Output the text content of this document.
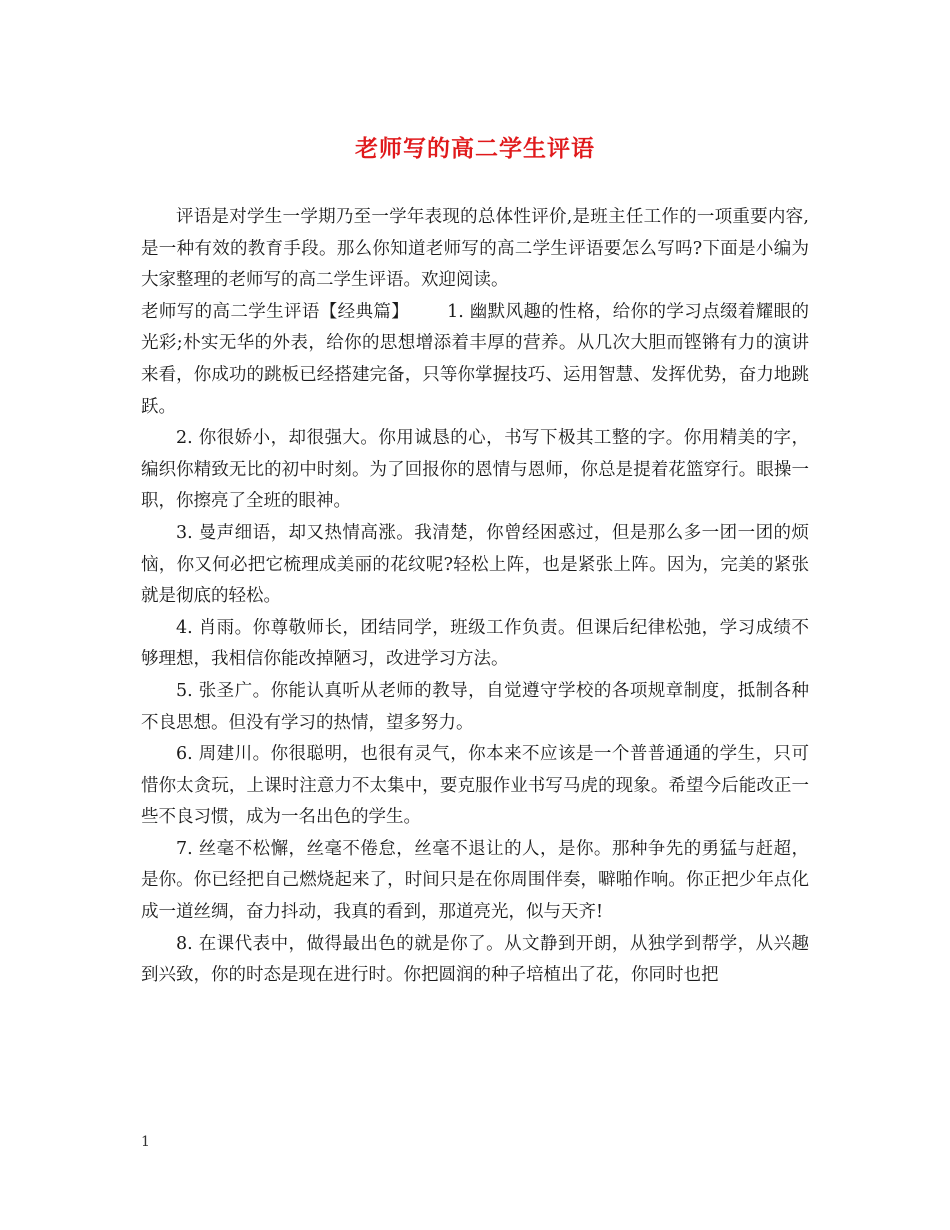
老师写的高二学生评语

评语是对学生一学期乃至一学年表现的总体性评价,是班主任工作的一项重要内容,是一种有效的教育手段。那么你知道老师写的高二学生评语要怎么写吗?下面是小编为大家整理的老师写的高二学生评语。欢迎阅读。

老师写的高二学生评语【经典篇】 1. 幽默风趣的性格，给你的学习点缀着耀眼的光彩;朴实无华的外表，给你的思想增添着丰厚的营养。从几次大胆而铿锵有力的演讲来看，你成功的跳板已经搭建完备，只等你掌握技巧、运用智慧、发挥优势，奋力地跳跃。

2. 你很娇小，却很强大。你用诚恳的心，书写下极其工整的字。你用精美的字，编织你精致无比的初中时刻。为了回报你的恩情与恩师，你总是提着花篮穿行。眼操一职，你擦亮了全班的眼神。

3. 曼声细语，却又热情高涨。我清楚，你曾经困惑过，但是那么多一团一团的烦恼，你又何必把它梳理成美丽的花纹呢?轻松上阵，也是紧张上阵。因为，完美的紧张就是彻底的轻松。

4. 肖雨。你尊敬师长，团结同学，班级工作负责。但课后纪律松弛，学习成绩不够理想，我相信你能改掉陋习，改进学习方法。

5. 张圣广。你能认真听从老师的教导，自觉遵守学校的各项规章制度，抵制各种不良思想。但没有学习的热情，望多努力。

6. 周建川。你很聪明，也很有灵气，你本来不应该是一个普普通通的学生，只可惜你太贪玩，上课时注意力不太集中，要克服作业书写马虎的现象。希望今后能改正一些不良习惯，成为一名出色的学生。

7. 丝毫不松懈，丝毫不倦怠，丝毫不退让的人，是你。那种争先的勇猛与赶超，是你。你已经把自己燃烧起来了，时间只是在你周围伴奏，噼啪作响。你正把少年点化成一道丝绸，奋力抖动，我真的看到，那道亮光，似与天齐!

8. 在课代表中，做得最出色的就是你了。从文静到开朗，从独学到帮学，从兴趣到兴致，你的时态是现在进行时。你把圆润的种子培植出了花，你同时也把

1
